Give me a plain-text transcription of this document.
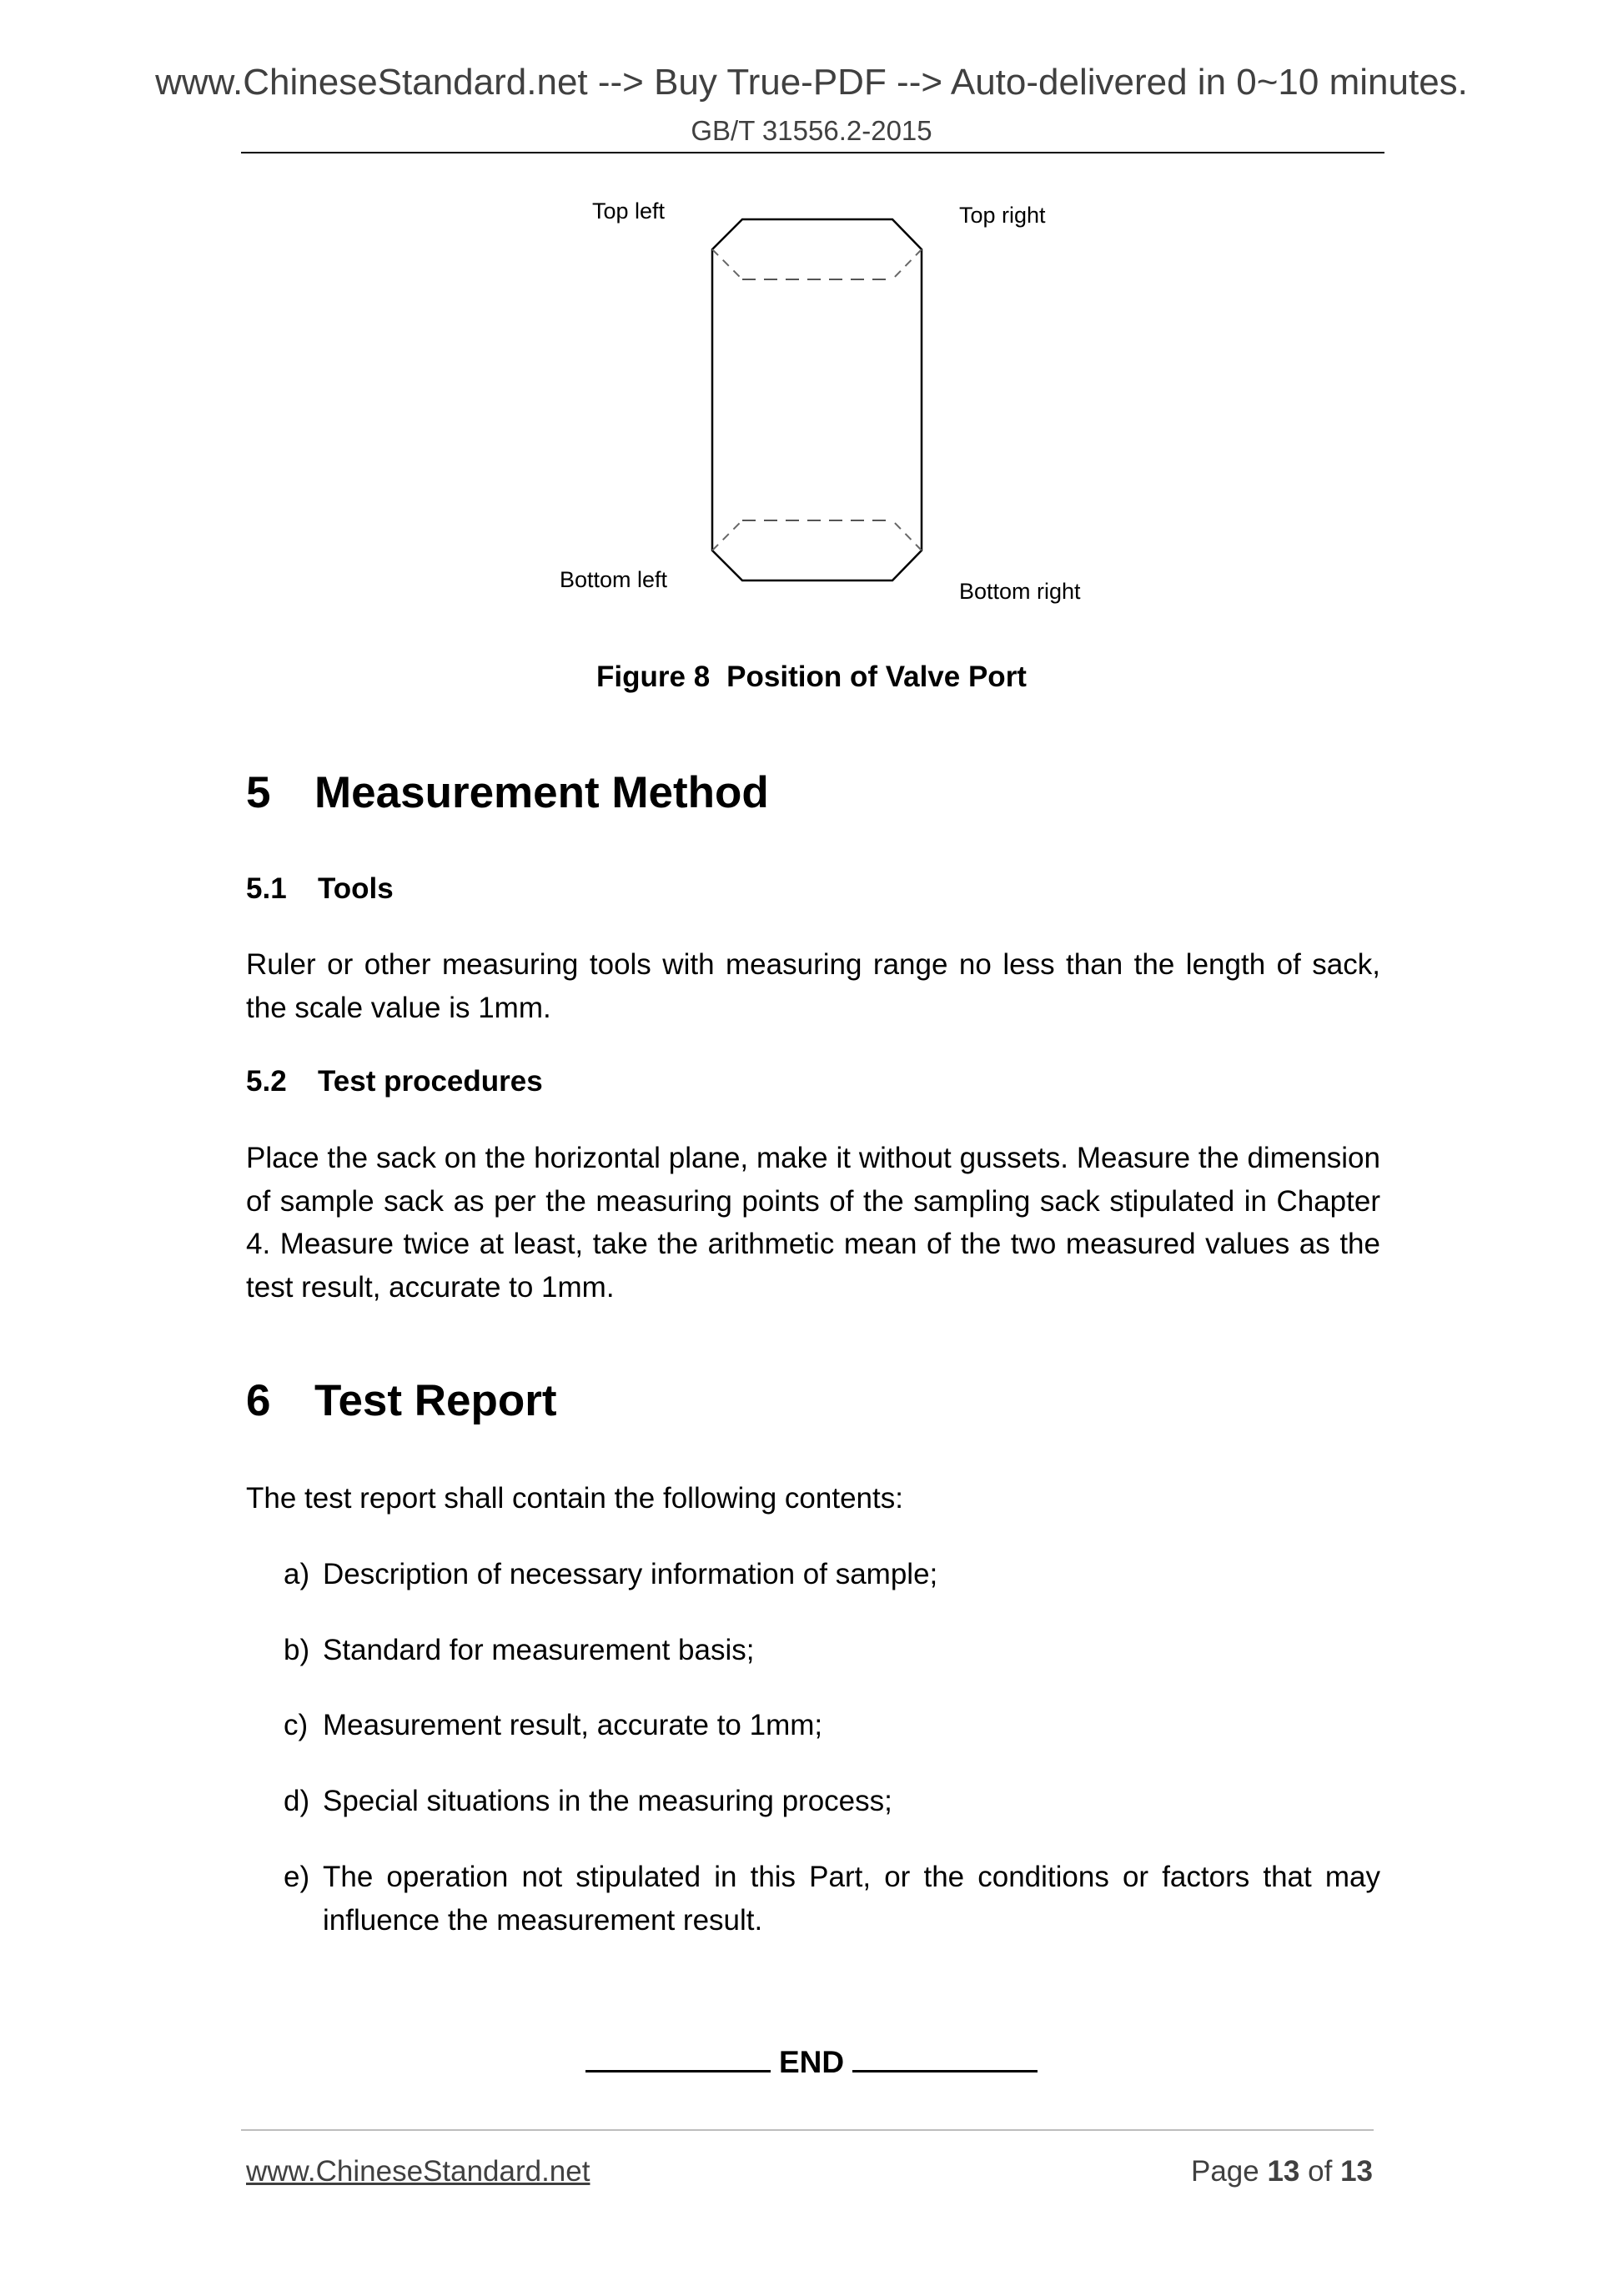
www.ChineseStandard.net --> Buy True-PDF --> Auto-delivered in 0~10 minutes.
GB/T 31556.2-2015
Top left	Top right
Bottom left	Bottom right
Figure 8 Position of Valve Port
5 Measurement Method
5.1 Tools
Ruler or other measuring tools with measuring range no less than the length of sack, the scale value is 1mm.
5.2 Test procedures
Place the sack on the horizontal plane, make it without gussets. Measure the dimension of sample sack as per the measuring points of the sampling sack stipulated in Chapter 4. Measure twice at least, take the arithmetic mean of the two measured values as the test result, accurate to 1mm.
6 Test Report
The test report shall contain the following contents:
a) Description of necessary information of sample;
b) Standard for measurement basis;
c) Measurement result, accurate to 1mm;
d) Special situations in the measuring process;
e) The operation not stipulated in this Part, or the conditions or factors that may influence the measurement result.
END
www.ChineseStandard.net	Page 13 of 13
